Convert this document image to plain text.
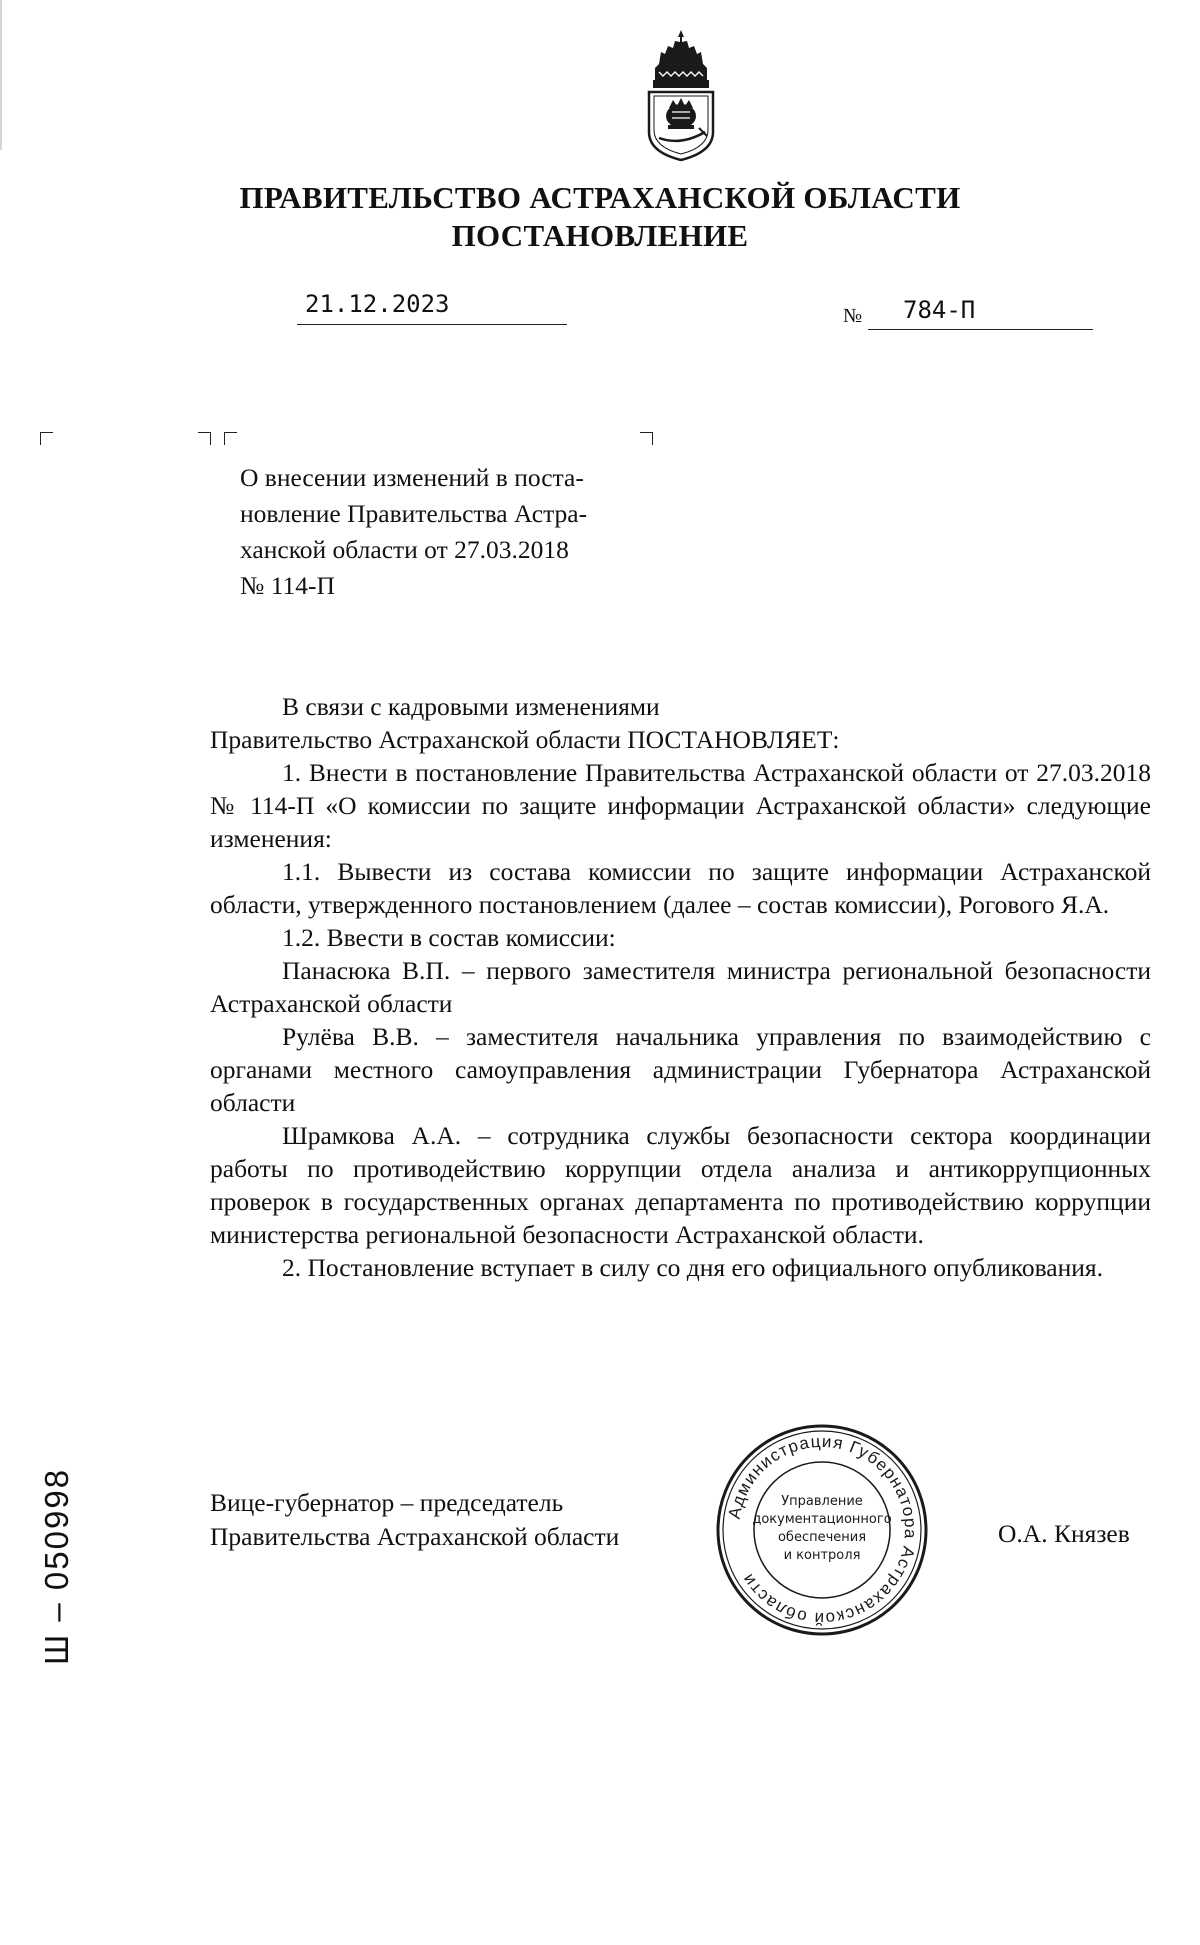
ПРАВИТЕЛЬСТВО АСТРАХАНСКОЙ ОБЛАСТИ
ПОСТАНОВЛЕНИЕ
21.12.2023	№ 784-П
О внесении изменений в поста-
новление Правительства Астра-
ханской области от 27.03.2018
№ 114-П

В связи с кадровыми изменениями

Правительство Астраханской области ПОСТАНОВЛЯЕТ:

1. Внести в постановление Правительства Астраханской области от 27.03.2018 № 114-П «О комиссии по защите информации Астраханской области» следующие изменения:

1.1. Вывести из состава комиссии по защите информации Астраханской области, утвержденного постановлением (далее – состав комиссии), Рогового Я.А.

1.2. Ввести в состав комиссии:

Панасюка В.П. – первого заместителя министра региональной безопасности Астраханской области

Рулёва В.В. – заместителя начальника управления по взаимодействию с органами местного самоуправления администрации Губернатора Астраханской области

Шрамкова А.А. – сотрудника службы безопасности сектора координации работы по противодействию коррупции отдела анализа и антикоррупционных проверок в государственных органах департамента по противодействию коррупции министерства региональной безопасности Астраханской области.

2. Постановление вступает в силу со дня его официального опубликования.

Вице-губернатор – председатель
Правительства Астраханской области	О.А. Князев
Администрация Губернатора Астраханской области
Управление
документационного
обеспечения
и контроля
Ш – 050998
